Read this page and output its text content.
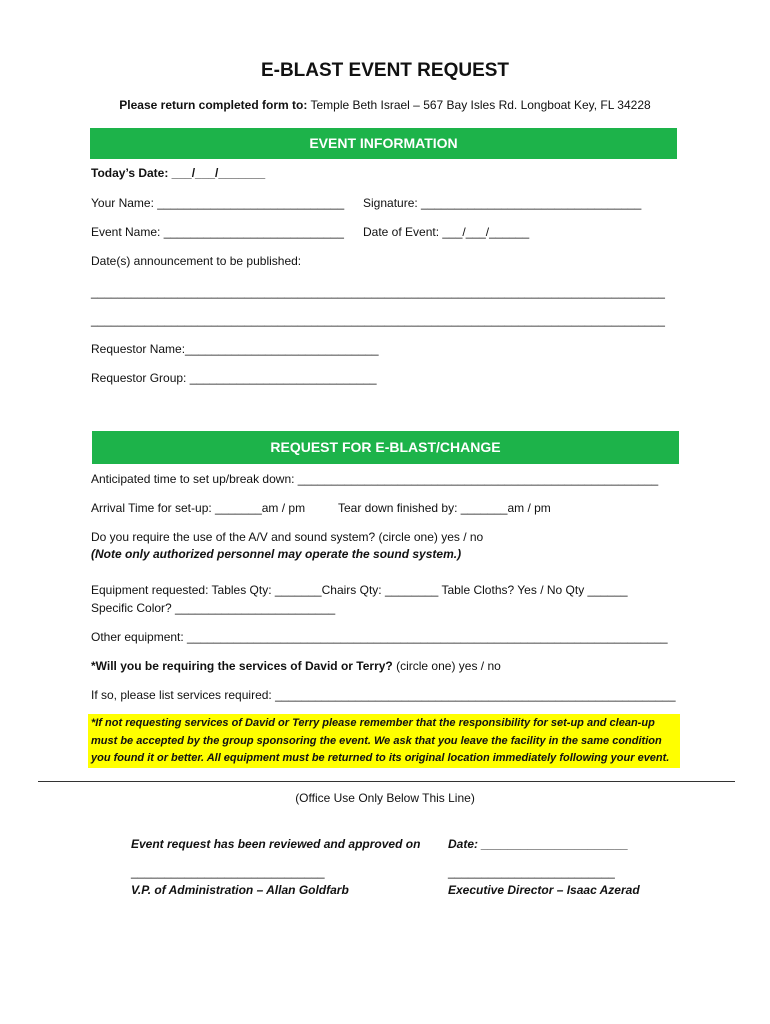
E-BLAST EVENT REQUEST
Please return completed form to: Temple Beth Israel – 567 Bay Isles Rd. Longboat Key, FL 34228
EVENT INFORMATION
Today’s Date: ___/___/_______
Your Name: ____________________________ Signature: _________________________________
Event Name: ___________________________ Date of Event: ___/___/______
Date(s) announcement to be published:
______________________________________________________________________________________
______________________________________________________________________________________
Requestor Name:_____________________________
Requestor Group: ____________________________
REQUEST FOR E-BLAST/CHANGE
Anticipated time to set up/break down: ______________________________________________________
Arrival Time for set-up: _______am / pm	Tear down finished by: _______am / pm
Do you require the use of the A/V and sound system? (circle one) yes / no
(Note only authorized personnel may operate the sound system.)
Equipment requested: Tables Qty: _______Chairs Qty: ________ Table Cloths? Yes / No Qty ______
Specific Color? ________________________
Other equipment: ________________________________________________________________________
*Will you be requiring the services of David or Terry? (circle one) yes / no
If so, please list services required: ____________________________________________________________
*If not requesting services of David or Terry please remember that the responsibility for set-up and clean-up
must be accepted by the group sponsoring the event. We ask that you leave the facility in the same condition
you found it or better. All equipment must be returned to its original location immediately following your event.
(Office Use Only Below This Line)
Event request has been reviewed and approved on Date: ______________________
_____________________________	_________________________
V.P. of Administration – Allan Goldfarb	Executive Director – Isaac Azerad
